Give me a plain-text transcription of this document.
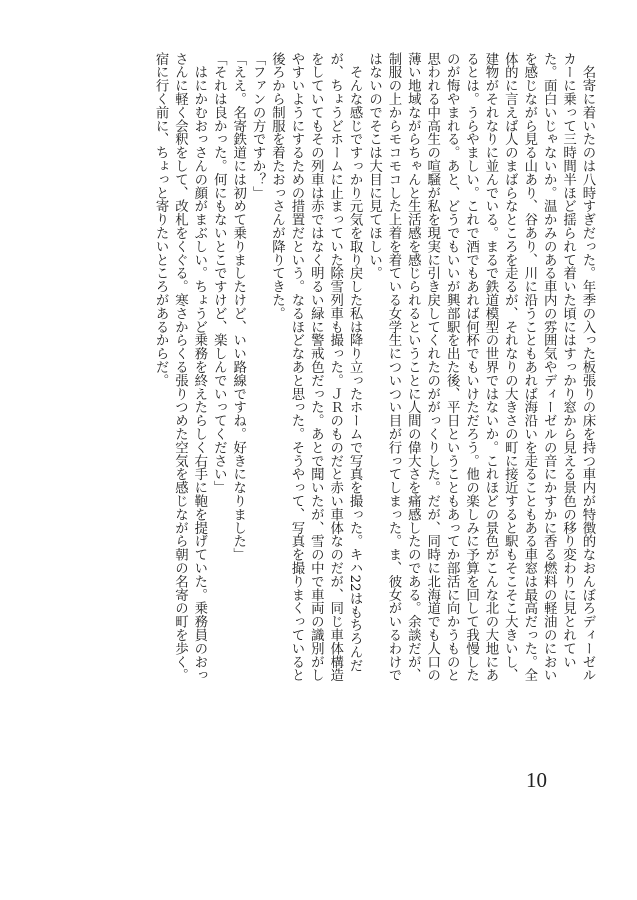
　名寄に着いたのは八時すぎだった。年季の入った板張りの床を持つ車内が特徴的なおんぼろディーゼルカーに乗って三時間半ほど揺られて着いた頃にはすっかり窓から見える景色の移り変わりに見とれていた。面白いじゃないか。温かみのある車内の雰囲気やディーゼルの音にかすかに香る燃料の軽油のにおいを感じながら見る山あり、谷あり、川に沿うこともあれば海沿いを走ることもある車窓は最高だった。全体的に言えば人のまばらなところを走るが、それなりの大きさの町に接近すると駅もそこそこ大きいし、建物がそれなりに並んでいる。まるで鉄道模型の世界ではないか。これほどの景色がこんな北の大地にあるとは。うらやましい。これで酒でもあれば何杯でもいけただろう。他の楽しみに予算を回して我慢したのが悔やまれる。あと、どうでもいいが興部駅を出た後、平日ということもあってか部活に向かうものと思われる中高生の喧騒が私を現実に引き戻してくれたのががっくりした。だが、同時に北海道でも人口の薄い地域ながらちゃんと生活感を感じられるということに人間の偉大さを痛感したのである。余談だが、制服の上からモコモコした上着を着ている女学生についつい目が行ってしまった。ま、彼女がいるわけではないのでそこは大目に見てほしい。

　そんな感じですっかり元気を取り戻した私は降り立ったホームで写真を撮った。キハ22はもちろんだが、ちょうどホームに止まっていた除雪列車も撮った。ＪＲのものだと赤い車体なのだが、同じ車体構造をしていてもその列車は赤ではなく明るい緑に警戒色だった。あとで聞いたが、雪の中で車両の識別がしやすいようにするための措置だという。なるほどなあと思った。そうやって、写真を撮りまくっていると後ろから制服を着たおっさんが降りてきた。

「ファンの方ですか？」

「ええ。名寄鉄道には初めて乗りましたけど、いい路線ですね。好きになりました」

「それは良かった。何にもないとこですけど、楽しんでいってください」

　はにかむおっさんの顔がまぶしい。ちょうど乗務を終えたらしく右手に鞄を提げていた。乗務員のおっさんに軽く会釈をして、改札をくぐる。寒さからくる張りつめた空気を感じながら朝の名寄の町を歩く。宿に行く前に、ちょっと寄りたいところがあるからだ。

10
